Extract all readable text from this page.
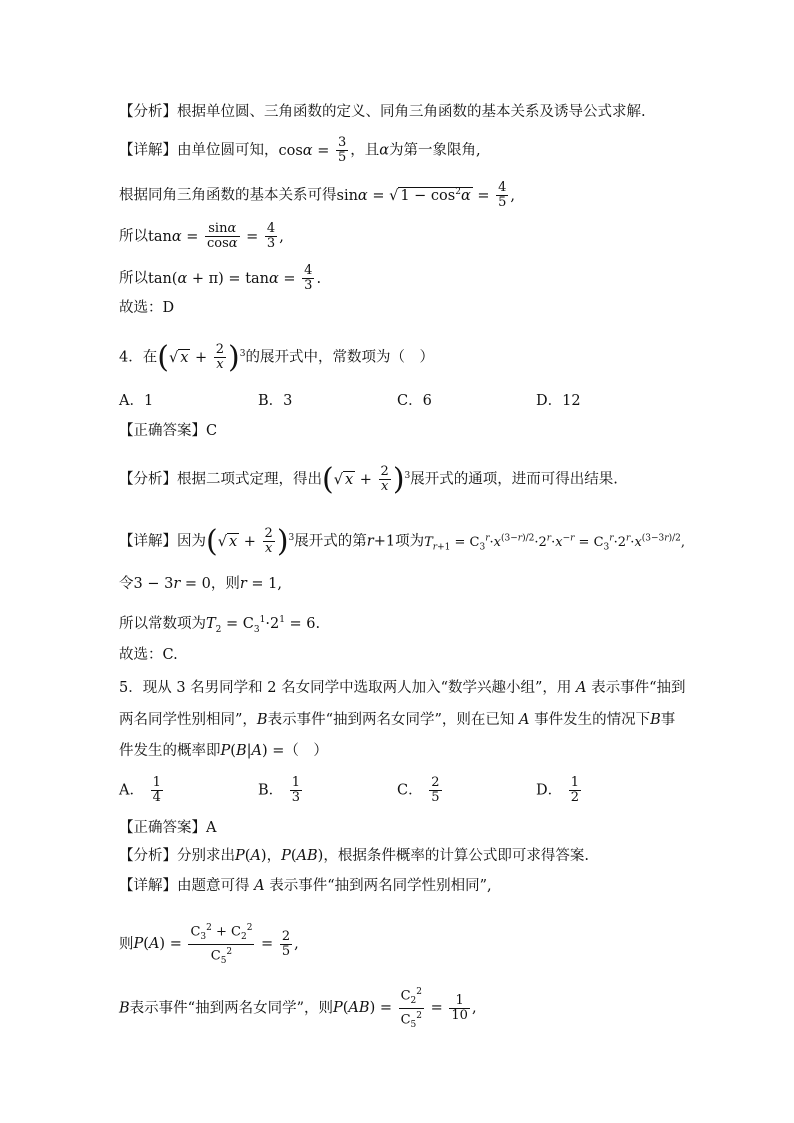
【分析】根据单位圆、三角函数的定义、同角三角函数的基本关系及诱导公式求解.
【详解】由单位圆可知，$\cos\alpha = \frac{3}{5}$ ，且α为第一象限角,
根据同角三角函数的基本关系可得sinα = √ $1 - \cos^2\alpha = \frac{4}{5}$ ,
所以$\tan\alpha = \frac{\sin\alpha}{\cos\alpha} = \frac{4}{3}$ ,
所以$\tan(\alpha + \pi) = \tan\alpha = \frac{4}{3}$ .
故选：D
4．在(√ $x + \frac{2}{x} )^3$的展开式中，常数项为（　）
A．1	B．3	C．6	D．12
【正确答案】C
【分析】根据二项式定理，得出(√ $x + \frac{2}{x} )^3$展开式的通项，进而可得出结果.
【详解】因为(√ $x + \frac{2}{x} )^3$展开式的第r+1项为$T_{r+1} = C_3^r\cdot x^{(3-r)/2}\cdot 2^r\cdot x^{-r} = C_3^r\cdot 2^r\cdot x^{(3-3r)/2}$,
令3 − 3r = 0，则r = 1,
所以常数项为$T_2 = C_3^1\cdot 2^1 = 6$.
故选：C.
5．现从 3 名男同学和 2 名女同学中选取两人加入“数学兴趣小组”，用 A 表示事件“抽到
两名同学性别相同”，B表示事件“抽到两名女同学”，则在已知 A 事件发生的情况下B事
件发生的概率即P(B|A) =（　）
A． $\frac{1}{4}$	B． $\frac{1}{3}$	C． $\frac{2}{5}$	D． $\frac{1}{2}$
【正确答案】A
【分析】分别求出P(A)，P(AB)，根据条件概率的计算公式即可求得答案.
【详解】由题意可得 A 表示事件“抽到两名同学性别相同”,
则$P(A) = \frac{C_3^2 + C_2^2}{C_5^2} = \frac{2}{5}$ ,
B表示事件“抽到两名女同学”，则$P(AB) = \frac{C_2^2}{C_5^2} = \frac{1}{10}$ ,
